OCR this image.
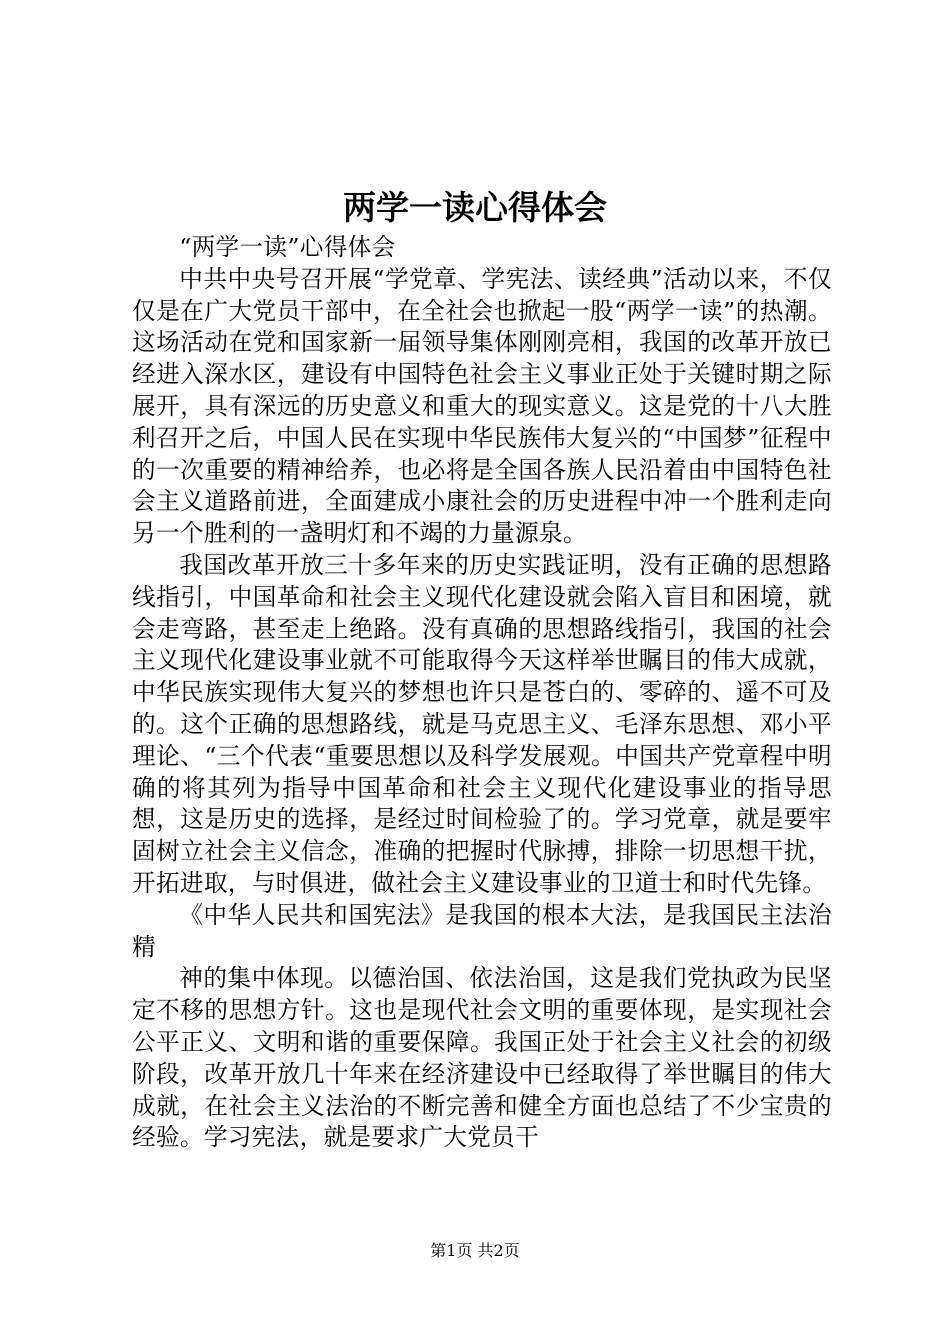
两学一读心得体会

“两学一读”心得体会

中共中央号召开展“学党章、学宪法、读经典”活动以来，不仅仅是在广大党员干部中，在全社会也掀起一股“两学一读”的热潮。这场活动在党和国家新一届领导集体刚刚亮相，我国的改革开放已经进入深水区，建设有中国特色社会主义事业正处于关键时期之际展开，具有深远的历史意义和重大的现实意义。这是党的十八大胜利召开之后，中国人民在实现中华民族伟大复兴的“中国梦”征程中的一次重要的精神给养，也必将是全国各族人民沿着由中国特色社会主义道路前进，全面建成小康社会的历史进程中冲一个胜利走向另一个胜利的一盏明灯和不竭的力量源泉。

我国改革开放三十多年来的历史实践证明，没有正确的思想路线指引，中国革命和社会主义现代化建设就会陷入盲目和困境，就会走弯路，甚至走上绝路。没有真确的思想路线指引，我国的社会主义现代化建设事业就不可能取得今天这样举世瞩目的伟大成就，中华民族实现伟大复兴的梦想也许只是苍白的、零碎的、遥不可及的。这个正确的思想路线，就是马克思主义、毛泽东思想、邓小平理论、“三个代表“重要思想以及科学发展观。中国共产党章程中明确的将其列为指导中国革命和社会主义现代化建设事业的指导思想，这是历史的选择，是经过时间检验了的。学习党章，就是要牢固树立社会主义信念，准确的把握时代脉搏，排除一切思想干扰，开拓进取，与时俱进，做社会主义建设事业的卫道士和时代先锋。

《中华人民共和国宪法》是我国的根本大法，是我国民主法治精

神的集中体现。以德治国、依法治国，这是我们党执政为民坚定不移的思想方针。这也是现代社会文明的重要体现，是实现社会公平正义、文明和谐的重要保障。我国正处于社会主义社会的初级阶段，改革开放几十年来在经济建设中已经取得了举世瞩目的伟大成就，在社会主义法治的不断完善和健全方面也总结了不少宝贵的经验。学习宪法，就是要求广大党员干

第1页 共2页
